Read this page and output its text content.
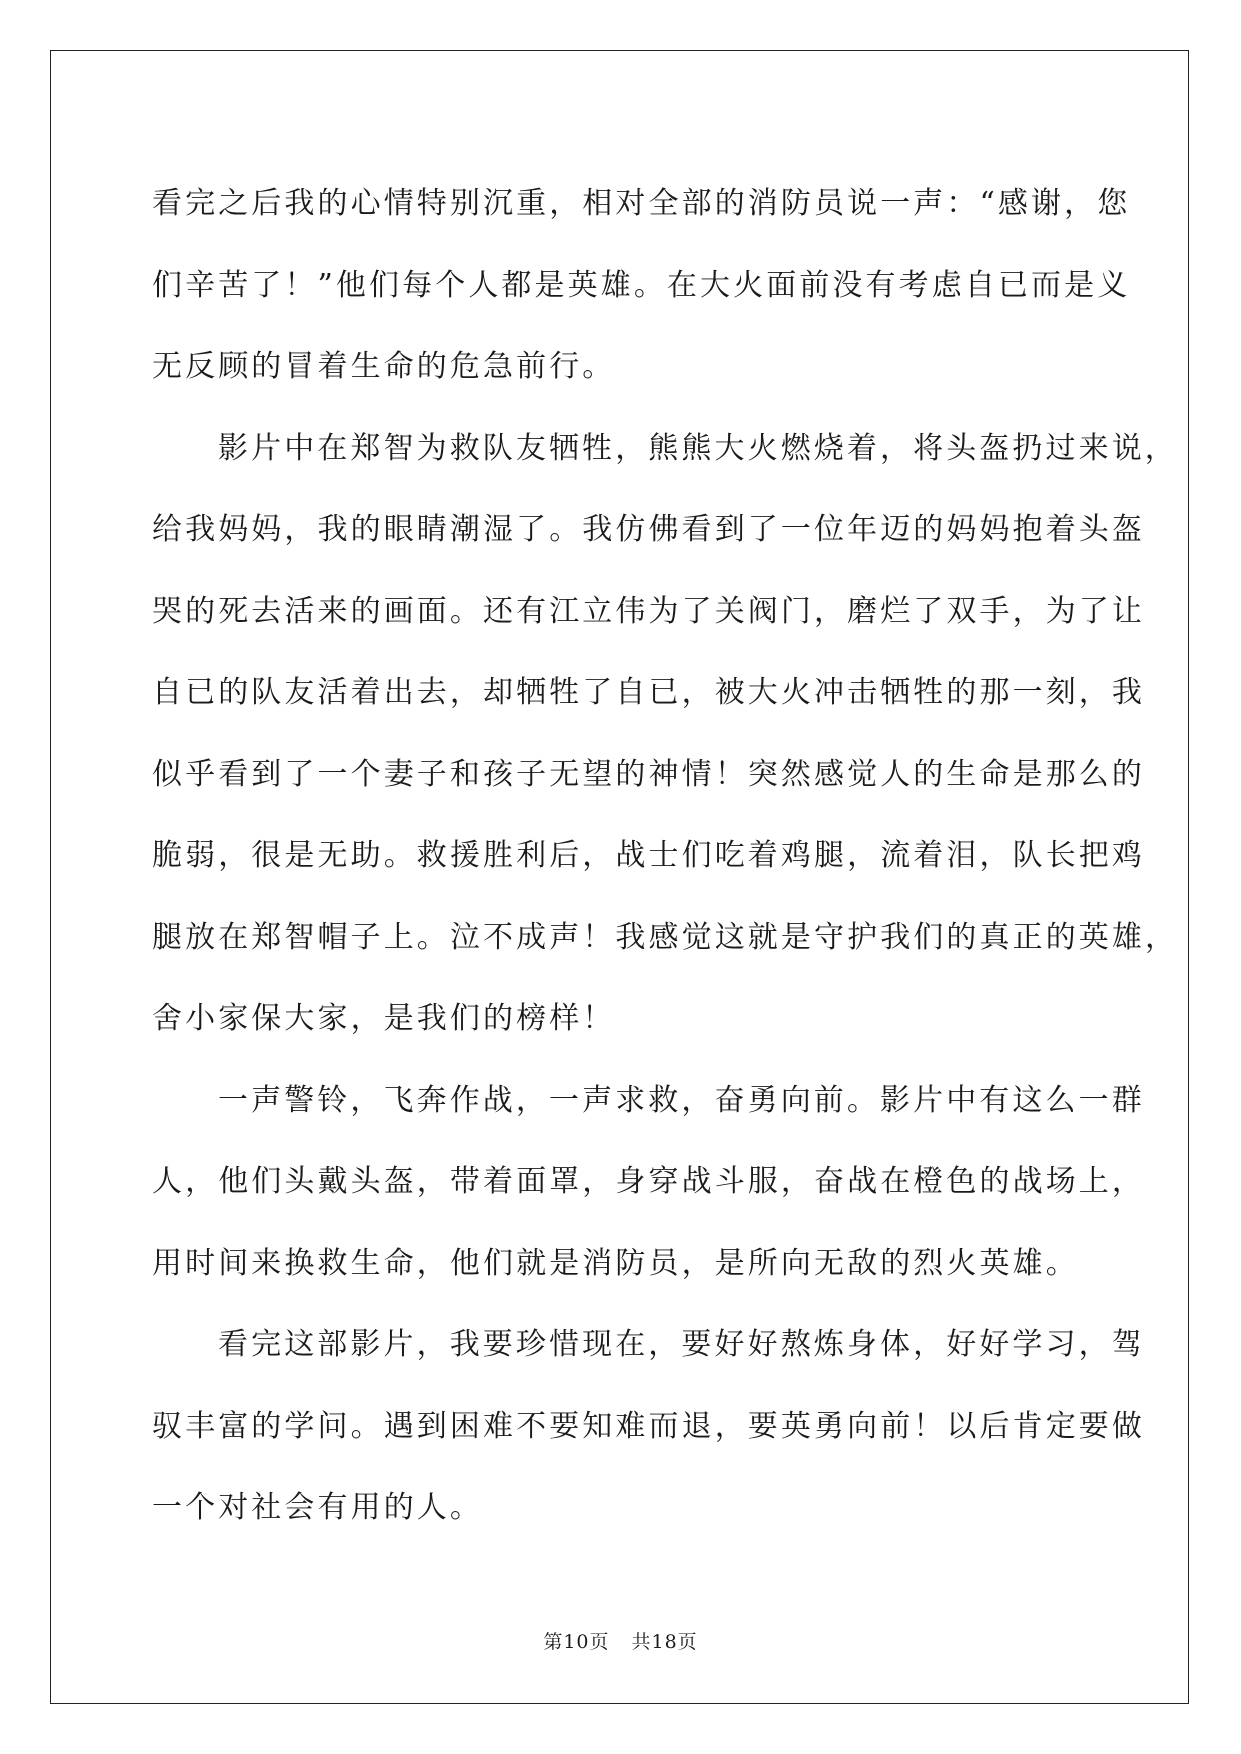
看完之后我的心情特别沉重，相对全部的消防员说一声：“感谢，您
们辛苦了！”他们每个人都是英雄。在大火面前没有考虑自已而是义
无反顾的冒着生命的危急前行。

影片中在郑智为救队友牺牲，熊熊大火燃烧着，将头盔扔过来说，
给我妈妈，我的眼睛潮湿了。我仿佛看到了一位年迈的妈妈抱着头盔
哭的死去活来的画面。还有江立伟为了关阀门，磨烂了双手，为了让
自已的队友活着出去，却牺牲了自已，被大火冲击牺牲的那一刻，我
似乎看到了一个妻子和孩子无望的神情！突然感觉人的生命是那么的
脆弱，很是无助。救援胜利后，战士们吃着鸡腿，流着泪，队长把鸡
腿放在郑智帽子上。泣不成声！我感觉这就是守护我们的真正的英雄，
舍小家保大家，是我们的榜样！

一声警铃，飞奔作战，一声求救，奋勇向前。影片中有这么一群
人，他们头戴头盔，带着面罩，身穿战斗服，奋战在橙色的战场上，
用时间来换救生命，他们就是消防员，是所向无敌的烈火英雄。

看完这部影片，我要珍惜现在，要好好熬炼身体，好好学习，驾
驭丰富的学问。遇到困难不要知难而退，要英勇向前！以后肯定要做
一个对社会有用的人。

第10页 共18页
